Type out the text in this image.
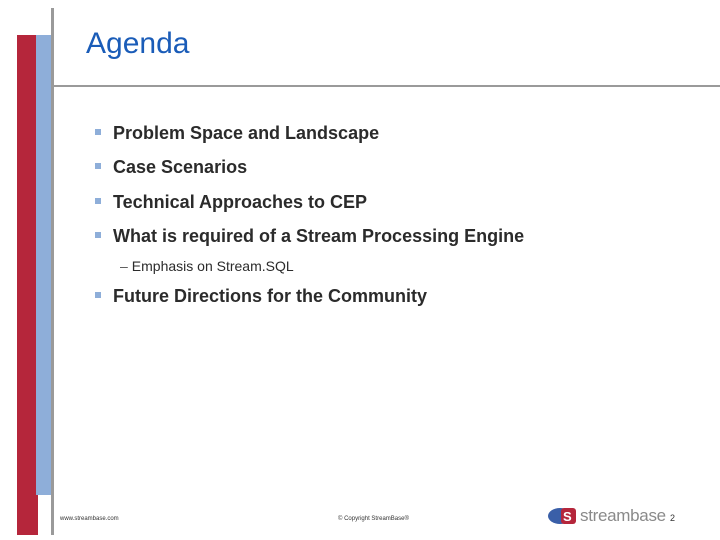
Agenda
Problem Space and Landscape
Case Scenarios
Technical Approaches to CEP
What is required of a Stream Processing Engine
– Emphasis on Stream.SQL
Future Directions for the Community
www.streambase.com	© Copyright StreamBase®	S streambase 2
